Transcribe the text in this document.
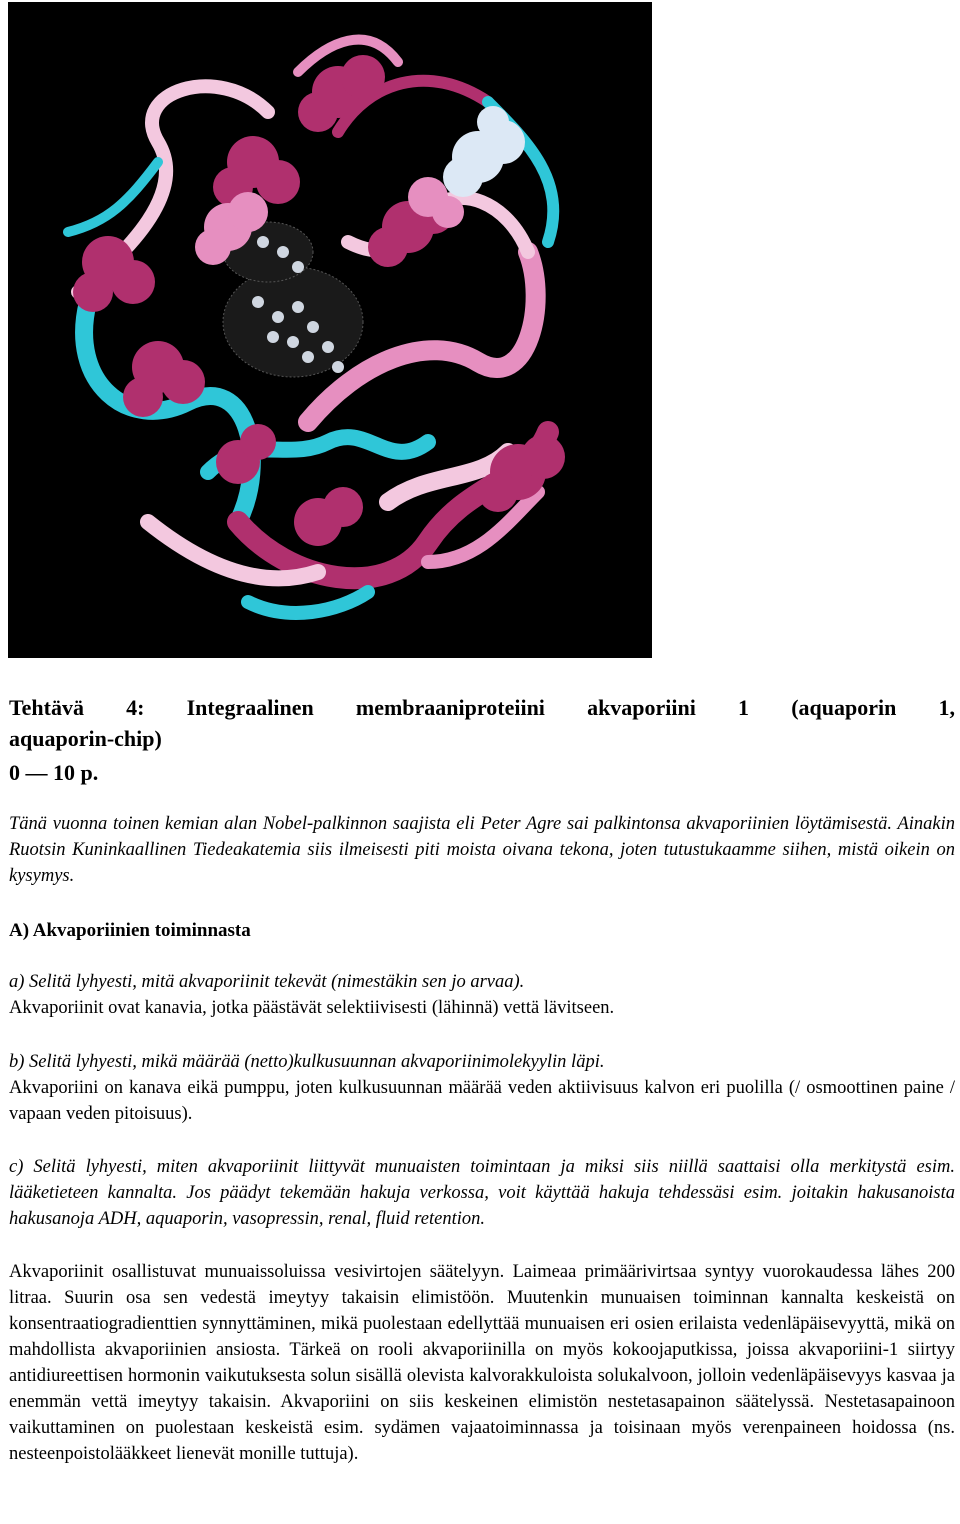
Tehtävä 4: Integraalinen membraaniproteiini akvaporiini 1 (aquaporin 1,
aquaporin-chip)
0 — 10 p.
Tänä vuonna toinen kemian alan Nobel-palkinnon saajista eli Peter Agre sai palkintonsa akvaporiinien löytämisestä. Ainakin Ruotsin Kuninkaallinen Tiedeakatemia siis ilmeisesti piti moista oivana tekona, joten tutustukaamme siihen, mistä oikein on kysymys.
A) Akvaporiinien toiminnasta
a) Selitä lyhyesti, mitä akvaporiinit tekevät (nimestäkin sen jo arvaa).
Akvaporiinit ovat kanavia, jotka päästävät selektiivisesti (lähinnä) vettä lävitseen.
b) Selitä lyhyesti, mikä määrää (netto)kulkusuunnan akvaporiinimolekyylin läpi.
Akvaporiini on kanava eikä pumppu, joten kulkusuunnan määrää veden aktiivisuus kalvon eri puolilla (/ osmoottinen paine / vapaan veden pitoisuus).
c) Selitä lyhyesti, miten akvaporiinit liittyvät munuaisten toimintaan ja miksi siis niillä saattaisi olla merkitystä esim. lääketieteen kannalta. Jos päädyt tekemään hakuja verkossa, voit käyttää hakuja tehdessäsi esim. joitakin hakusanoista hakusanoja ADH, aquaporin, vasopressin, renal, fluid retention.
Akvaporiinit osallistuvat munuaissoluissa vesivirtojen säätelyyn. Laimeaa primäärivirtsaa syntyy vuorokaudessa lähes 200 litraa. Suurin osa sen vedestä imeytyy takaisin elimistöön. Muutenkin munuaisen toiminnan kannalta keskeistä on konsentraatiogradienttien synnyttäminen, mikä puolestaan edellyttää munuaisen eri osien erilaista vedenläpäisevyyttä, mikä on mahdollista akvaporiinien ansiosta. Tärkeä on rooli akvaporiinilla on myös kokoojaputkissa, joissa akvaporiini-1 siirtyy antidiureettisen hormonin vaikutuksesta solun sisällä olevista kalvorakkuloista solukalvoon, jolloin vedenläpäisevyys kasvaa ja enemmän vettä imeytyy takaisin. Akvaporiini on siis keskeinen elimistön nestetasapainon säätelyssä. Nestetasapainoon vaikuttaminen on puolestaan keskeistä esim. sydämen vajaatoiminnassa ja toisinaan myös verenpaineen hoidossa (ns. nesteenpoistolääkkeet lienevät monille tuttuja).
